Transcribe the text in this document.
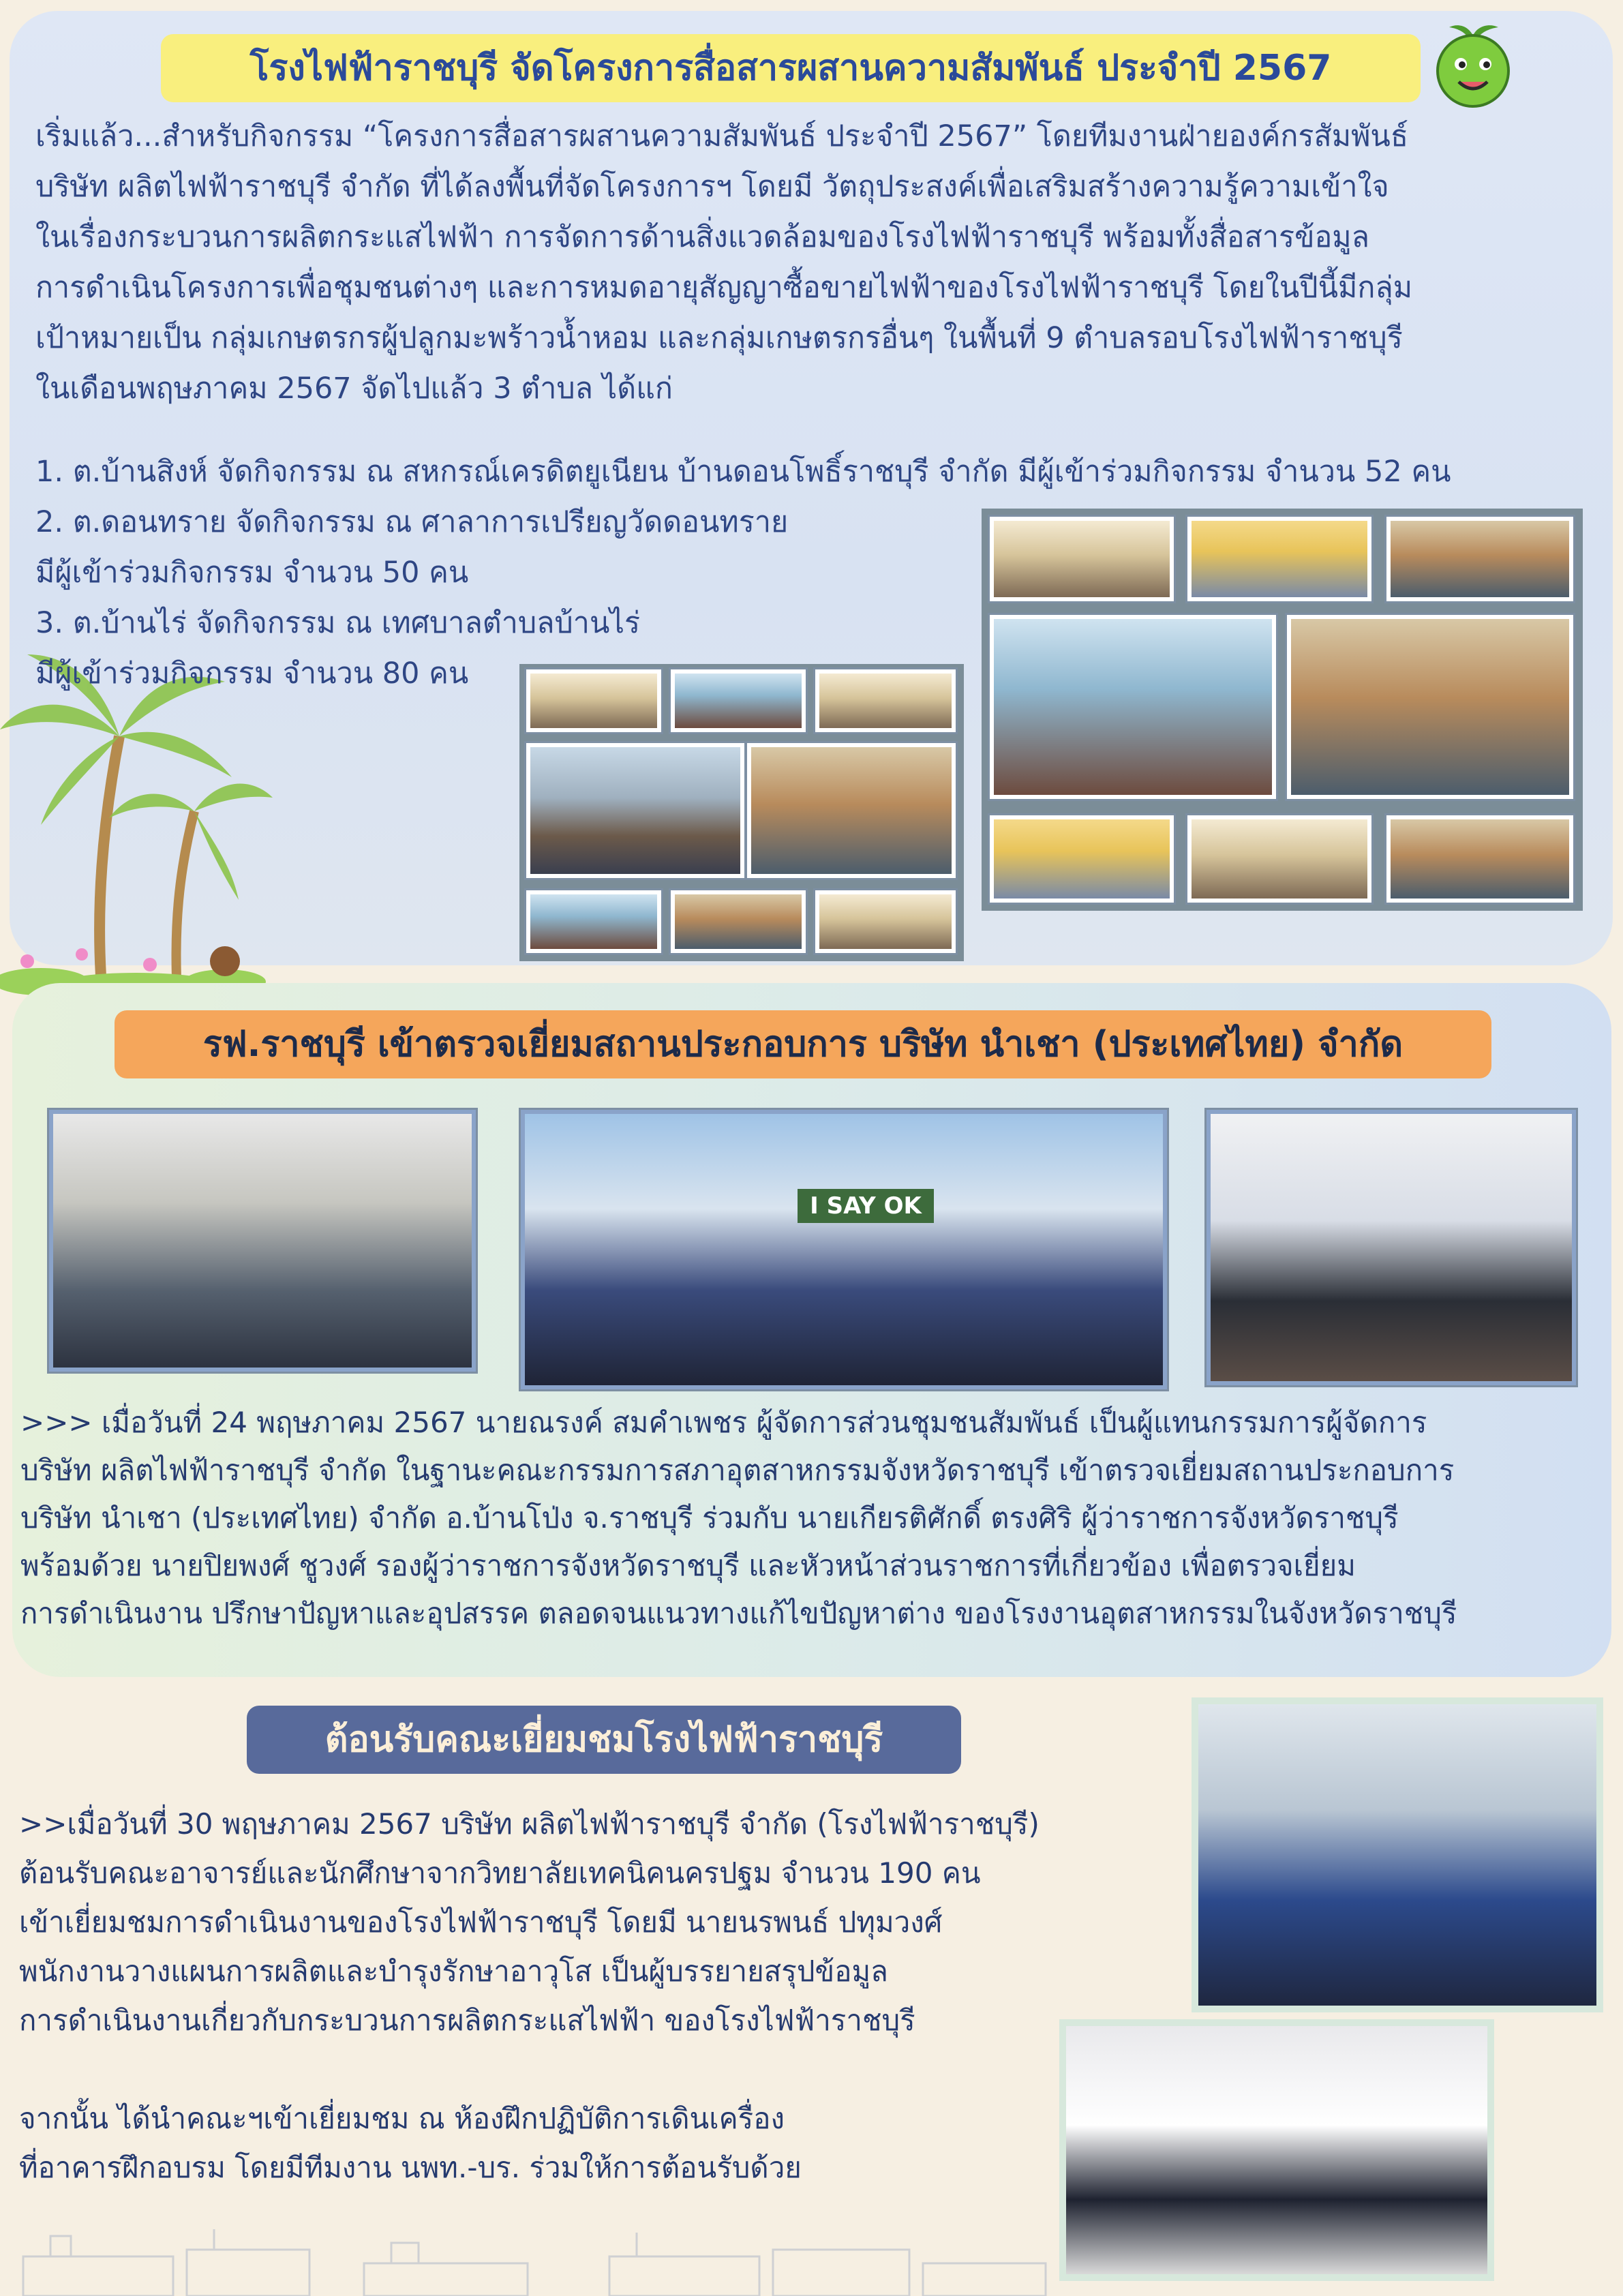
โรงไฟฟ้าราชบุรี จัดโครงการสื่อสารผสานความสัมพันธ์ ประจำปี 2567

เริ่มแล้ว...สำหรับกิจกรรม “โครงการสื่อสารผสานความสัมพันธ์ ประจำปี 2567” โดยทีมงานฝ่ายองค์กรสัมพันธ์

บริษัท ผลิตไฟฟ้าราชบุรี จำกัด ที่ได้ลงพื้นที่จัดโครงการฯ โดยมี วัตถุประสงค์เพื่อเสริมสร้างความรู้ความเข้าใจ

ในเรื่องกระบวนการผลิตกระแสไฟฟ้า การจัดการด้านสิ่งแวดล้อมของโรงไฟฟ้าราชบุรี พร้อมทั้งสื่อสารข้อมูล

การดำเนินโครงการเพื่อชุมชนต่างๆ และการหมดอายุสัญญาซื้อขายไฟฟ้าของโรงไฟฟ้าราชบุรี โดยในปีนี้มีกลุ่ม

เป้าหมายเป็น กลุ่มเกษตรกรผู้ปลูกมะพร้าวน้ำหอม และกลุ่มเกษตรกรอื่นๆ ในพื้นที่ 9 ตำบลรอบโรงไฟฟ้าราชบุรี

ในเดือนพฤษภาคม 2567 จัดไปแล้ว 3 ตำบล ได้แก่

1. ต.บ้านสิงห์ จัดกิจกรรม ณ สหกรณ์เครดิตยูเนียน บ้านดอนโพธิ์ราชบุรี จำกัด มีผู้เข้าร่วมกิจกรรม จำนวน 52 คน

2. ต.ดอนทราย จัดกิจกรรม ณ ศาลาการเปรียญวัดดอนทราย

มีผู้เข้าร่วมกิจกรรม จำนวน 50 คน

3. ต.บ้านไร่ จัดกิจกรรม ณ เทศบาลตำบลบ้านไร่

มีผู้เข้าร่วมกิจกรรม จำนวน 80 คน

รฟ.ราชบุรี เข้าตรวจเยี่ยมสถานประกอบการ บริษัท นำเชา (ประเทศไทย) จำกัด
I SAY OK

>>> เมื่อวันที่ 24 พฤษภาคม 2567 นายณรงค์ สมคำเพชร ผู้จัดการส่วนชุมชนสัมพันธ์ เป็นผู้แทนกรรมการผู้จัดการ

บริษัท ผลิตไฟฟ้าราชบุรี จำกัด ในฐานะคณะกรรมการสภาอุตสาหกรรมจังหวัดราชบุรี เข้าตรวจเยี่ยมสถานประกอบการ

บริษัท นำเชา (ประเทศไทย) จำกัด อ.บ้านโป่ง จ.ราชบุรี ร่วมกับ นายเกียรติศักดิ์ ตรงศิริ ผู้ว่าราชการจังหวัดราชบุรี

พร้อมด้วย นายปิยพงศ์ ชูวงศ์ รองผู้ว่าราชการจังหวัดราชบุรี และหัวหน้าส่วนราชการที่เกี่ยวข้อง เพื่อตรวจเยี่ยม

การดำเนินงาน ปรึกษาปัญหาและอุปสรรค ตลอดจนแนวทางแก้ไขปัญหาต่าง ของโรงงานอุตสาหกรรมในจังหวัดราชบุรี

ต้อนรับคณะเยี่ยมชมโรงไฟฟ้าราชบุรี

>>เมื่อวันที่ 30 พฤษภาคม 2567 บริษัท ผลิตไฟฟ้าราชบุรี จำกัด (โรงไฟฟ้าราชบุรี)

ต้อนรับคณะอาจารย์และนักศึกษาจากวิทยาลัยเทคนิคนครปฐม จำนวน 190 คน

เข้าเยี่ยมชมการดำเนินงานของโรงไฟฟ้าราชบุรี โดยมี นายนรพนธ์ ปทุมวงศ์

พนักงานวางแผนการผลิตและบำรุงรักษาอาวุโส เป็นผู้บรรยายสรุปข้อมูล

การดำเนินงานเกี่ยวกับกระบวนการผลิตกระแสไฟฟ้า ของโรงไฟฟ้าราชบุรี

จากนั้น ได้นำคณะฯเข้าเยี่ยมชม ณ ห้องฝึกปฏิบัติการเดินเครื่อง

ที่อาคารฝึกอบรม โดยมีทีมงาน นพท.-บร. ร่วมให้การต้อนรับด้วย
